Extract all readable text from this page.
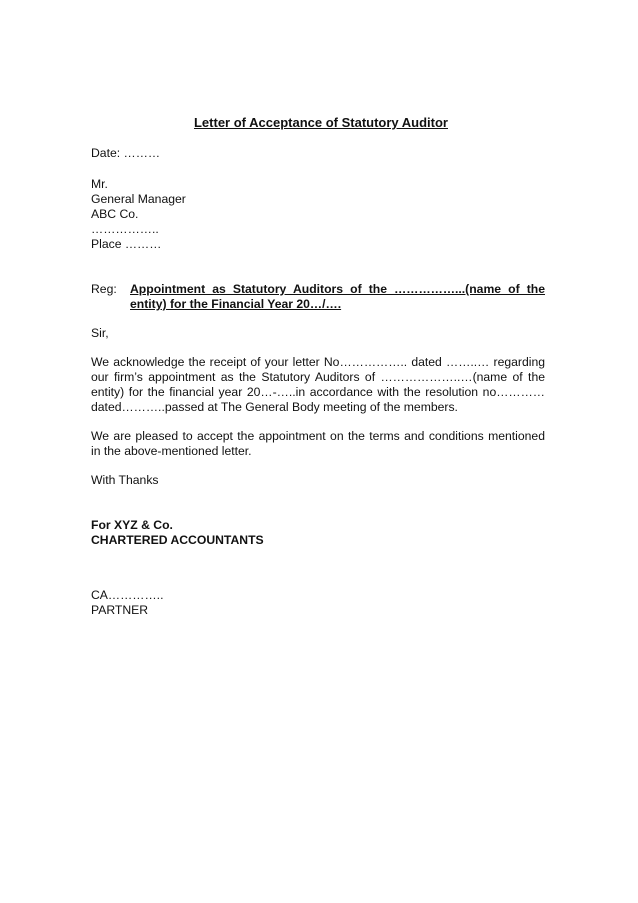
Letter of Acceptance of Statutory Auditor
Date: ………
Mr.
General Manager
ABC Co.
……………..
Place ………
Reg:	Appointment as Statutory Auditors of the ……………...(name of the entity) for the Financial Year 20…/….
Sir,

We acknowledge the receipt of your letter No…………….. dated ……..… regarding our firm’s appointment as the Statutory Auditors of ………………..…(name of the entity) for the financial year 20…-…..in accordance with the resolution no…………dated………..passed at The General Body meeting of the members.

We are pleased to accept the appointment on the terms and conditions mentioned in the above-mentioned letter.

With Thanks
For XYZ & Co.
CHARTERED ACCOUNTANTS
CA…………..
PARTNER
